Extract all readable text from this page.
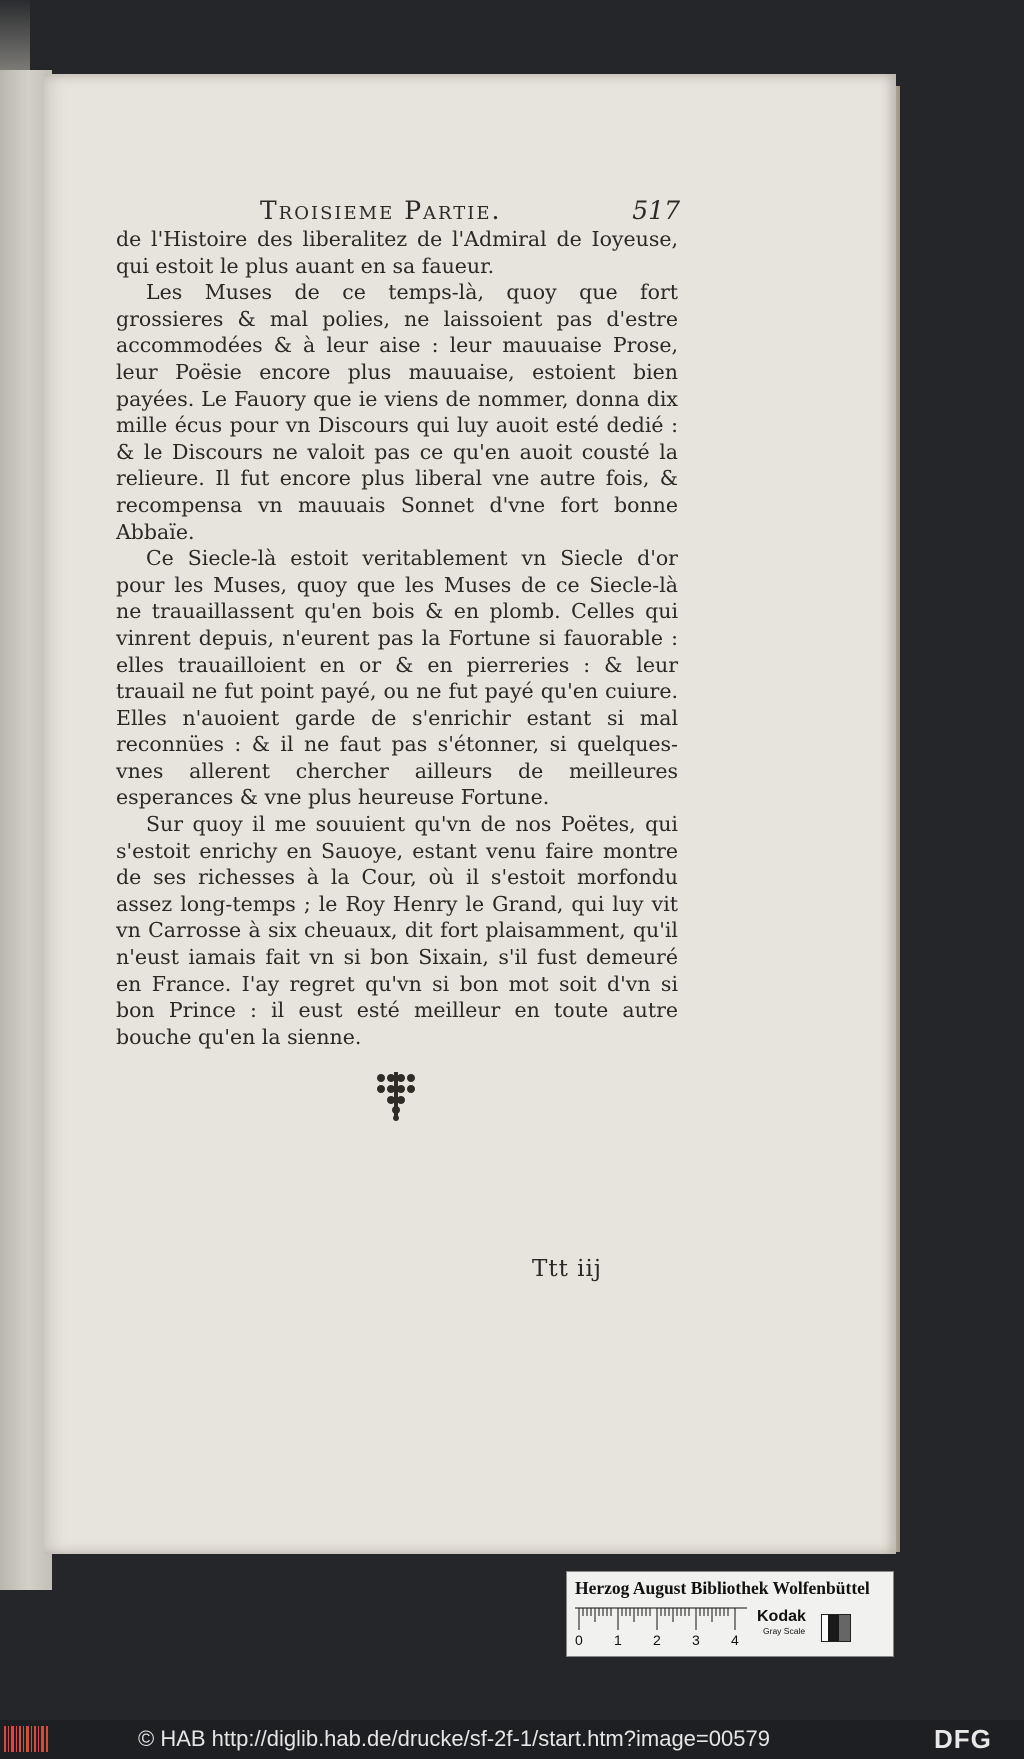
Troisieme Partie.	517

de l'Histoire des liberalitez de l'Admiral de Ioyeuse, qui estoit le plus auant en sa faueur.

Les Muses de ce temps-là, quoy que fort grossieres & mal polies, ne laissoient pas d'estre accommodées & à leur aise : leur mauuaise Prose, leur Poësie encore plus mauuaise, estoient bien payées. Le Fauory que ie viens de nommer, donna dix mille écus pour vn Discours qui luy auoit esté dedié : & le Discours ne valoit pas ce qu'en auoit cousté la relieure. Il fut encore plus liberal vne autre fois, & recompensa vn mauuais Sonnet d'vne fort bonne Abbaïe.

Ce Siecle-là estoit veritablement vn Siecle d'or pour les Muses, quoy que les Muses de ce Siecle-là ne trauaillassent qu'en bois & en plomb. Celles qui vinrent depuis, n'eurent pas la Fortune si fauorable : elles trauailloient en or & en pierreries : & leur trauail ne fut point payé, ou ne fut payé qu'en cuiure. Elles n'auoient garde de s'enrichir estant si mal reconnües : & il ne faut pas s'étonner, si quelques-vnes allerent chercher ailleurs de meilleures esperances & vne plus heureuse Fortune.

Sur quoy il me souuient qu'vn de nos Poëtes, qui s'estoit enrichy en Sauoye, estant venu faire montre de ses richesses à la Cour, où il s'estoit morfondu assez long-temps ; le Roy Henry le Grand, qui luy vit vn Carrosse à six cheuaux, dit fort plaisamment, qu'il n'eust iamais fait vn si bon Sixain, s'il fust demeuré en France. I'ay regret qu'vn si bon mot soit d'vn si bon Prince : il eust esté meilleur en toute autre bouche qu'en la sienne.

Ttt iij
Herzog August Bibliothek Wolfenbüttel
0 1 2 3 4
Kodak
Gray Scale
© HAB http://diglib.hab.de/drucke/sf-2f-1/start.htm?image=00579	DFG
